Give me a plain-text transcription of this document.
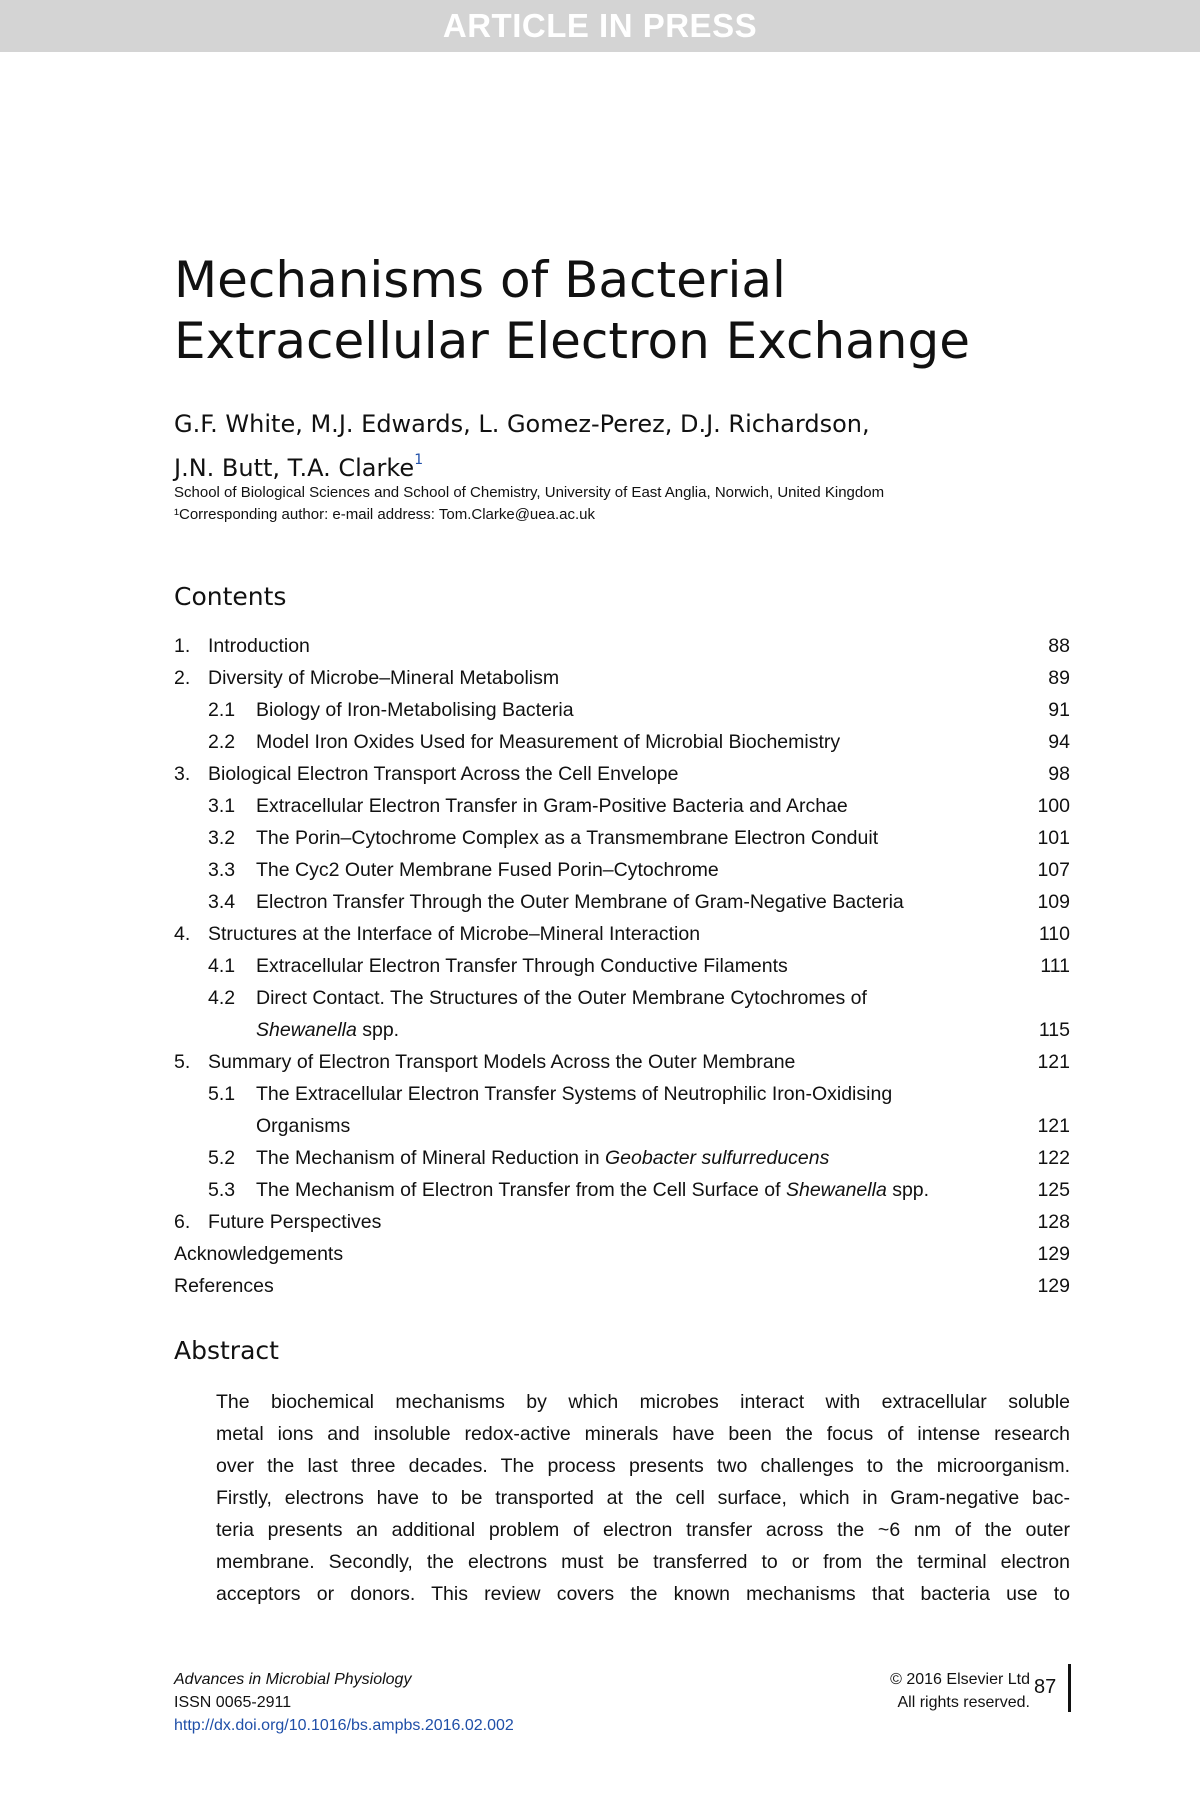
ARTICLE IN PRESS
Mechanisms of Bacterial
Extracellular Electron Exchange
G.F. White, M.J. Edwards, L. Gomez-Perez, D.J. Richardson,
J.N. Butt, T.A. Clarke$^1$
School of Biological Sciences and School of Chemistry, University of East Anglia, Norwich, United Kingdom
¹Corresponding author: e-mail address: Tom.Clarke@uea.ac.uk
Contents
1. Introduction	88
2. Diversity of Microbe–Mineral Metabolism	89
2.1 Biology of Iron-Metabolising Bacteria	91
2.2 Model Iron Oxides Used for Measurement of Microbial Biochemistry	94
3. Biological Electron Transport Across the Cell Envelope	98
3.1 Extracellular Electron Transfer in Gram-Positive Bacteria and Archae	100
3.2 The Porin–Cytochrome Complex as a Transmembrane Electron Conduit	101
3.3 The Cyc2 Outer Membrane Fused Porin–Cytochrome	107
3.4 Electron Transfer Through the Outer Membrane of Gram-Negative Bacteria	109
4. Structures at the Interface of Microbe–Mineral Interaction	110
4.1 Extracellular Electron Transfer Through Conductive Filaments	111
4.2 Direct Contact. The Structures of the Outer Membrane Cytochromes of
Shewanella spp.	115
5. Summary of Electron Transport Models Across the Outer Membrane	121
5.1 The Extracellular Electron Transfer Systems of Neutrophilic Iron-Oxidising
Organisms	121
5.2 The Mechanism of Mineral Reduction in Geobacter sulfurreducens	122
5.3 The Mechanism of Electron Transfer from the Cell Surface of Shewanella spp.	125
6. Future Perspectives	128
Acknowledgements	129
References	129
Abstract
The biochemical mechanisms by which microbes interact with extracellular soluble
metal ions and insoluble redox-active minerals have been the focus of intense research
over the last three decades. The process presents two challenges to the microorganism.
Firstly, electrons have to be transported at the cell surface, which in Gram-negative bac-
teria presents an additional problem of electron transfer across the ~6 nm of the outer
membrane. Secondly, the electrons must be transferred to or from the terminal electron
acceptors or donors. This review covers the known mechanisms that bacteria use to
Advances in Microbial Physiology
ISSN 0065-2911
http://dx.doi.org/10.1016/bs.ampbs.2016.02.002
© 2016 Elsevier Ltd
All rights reserved.
87
